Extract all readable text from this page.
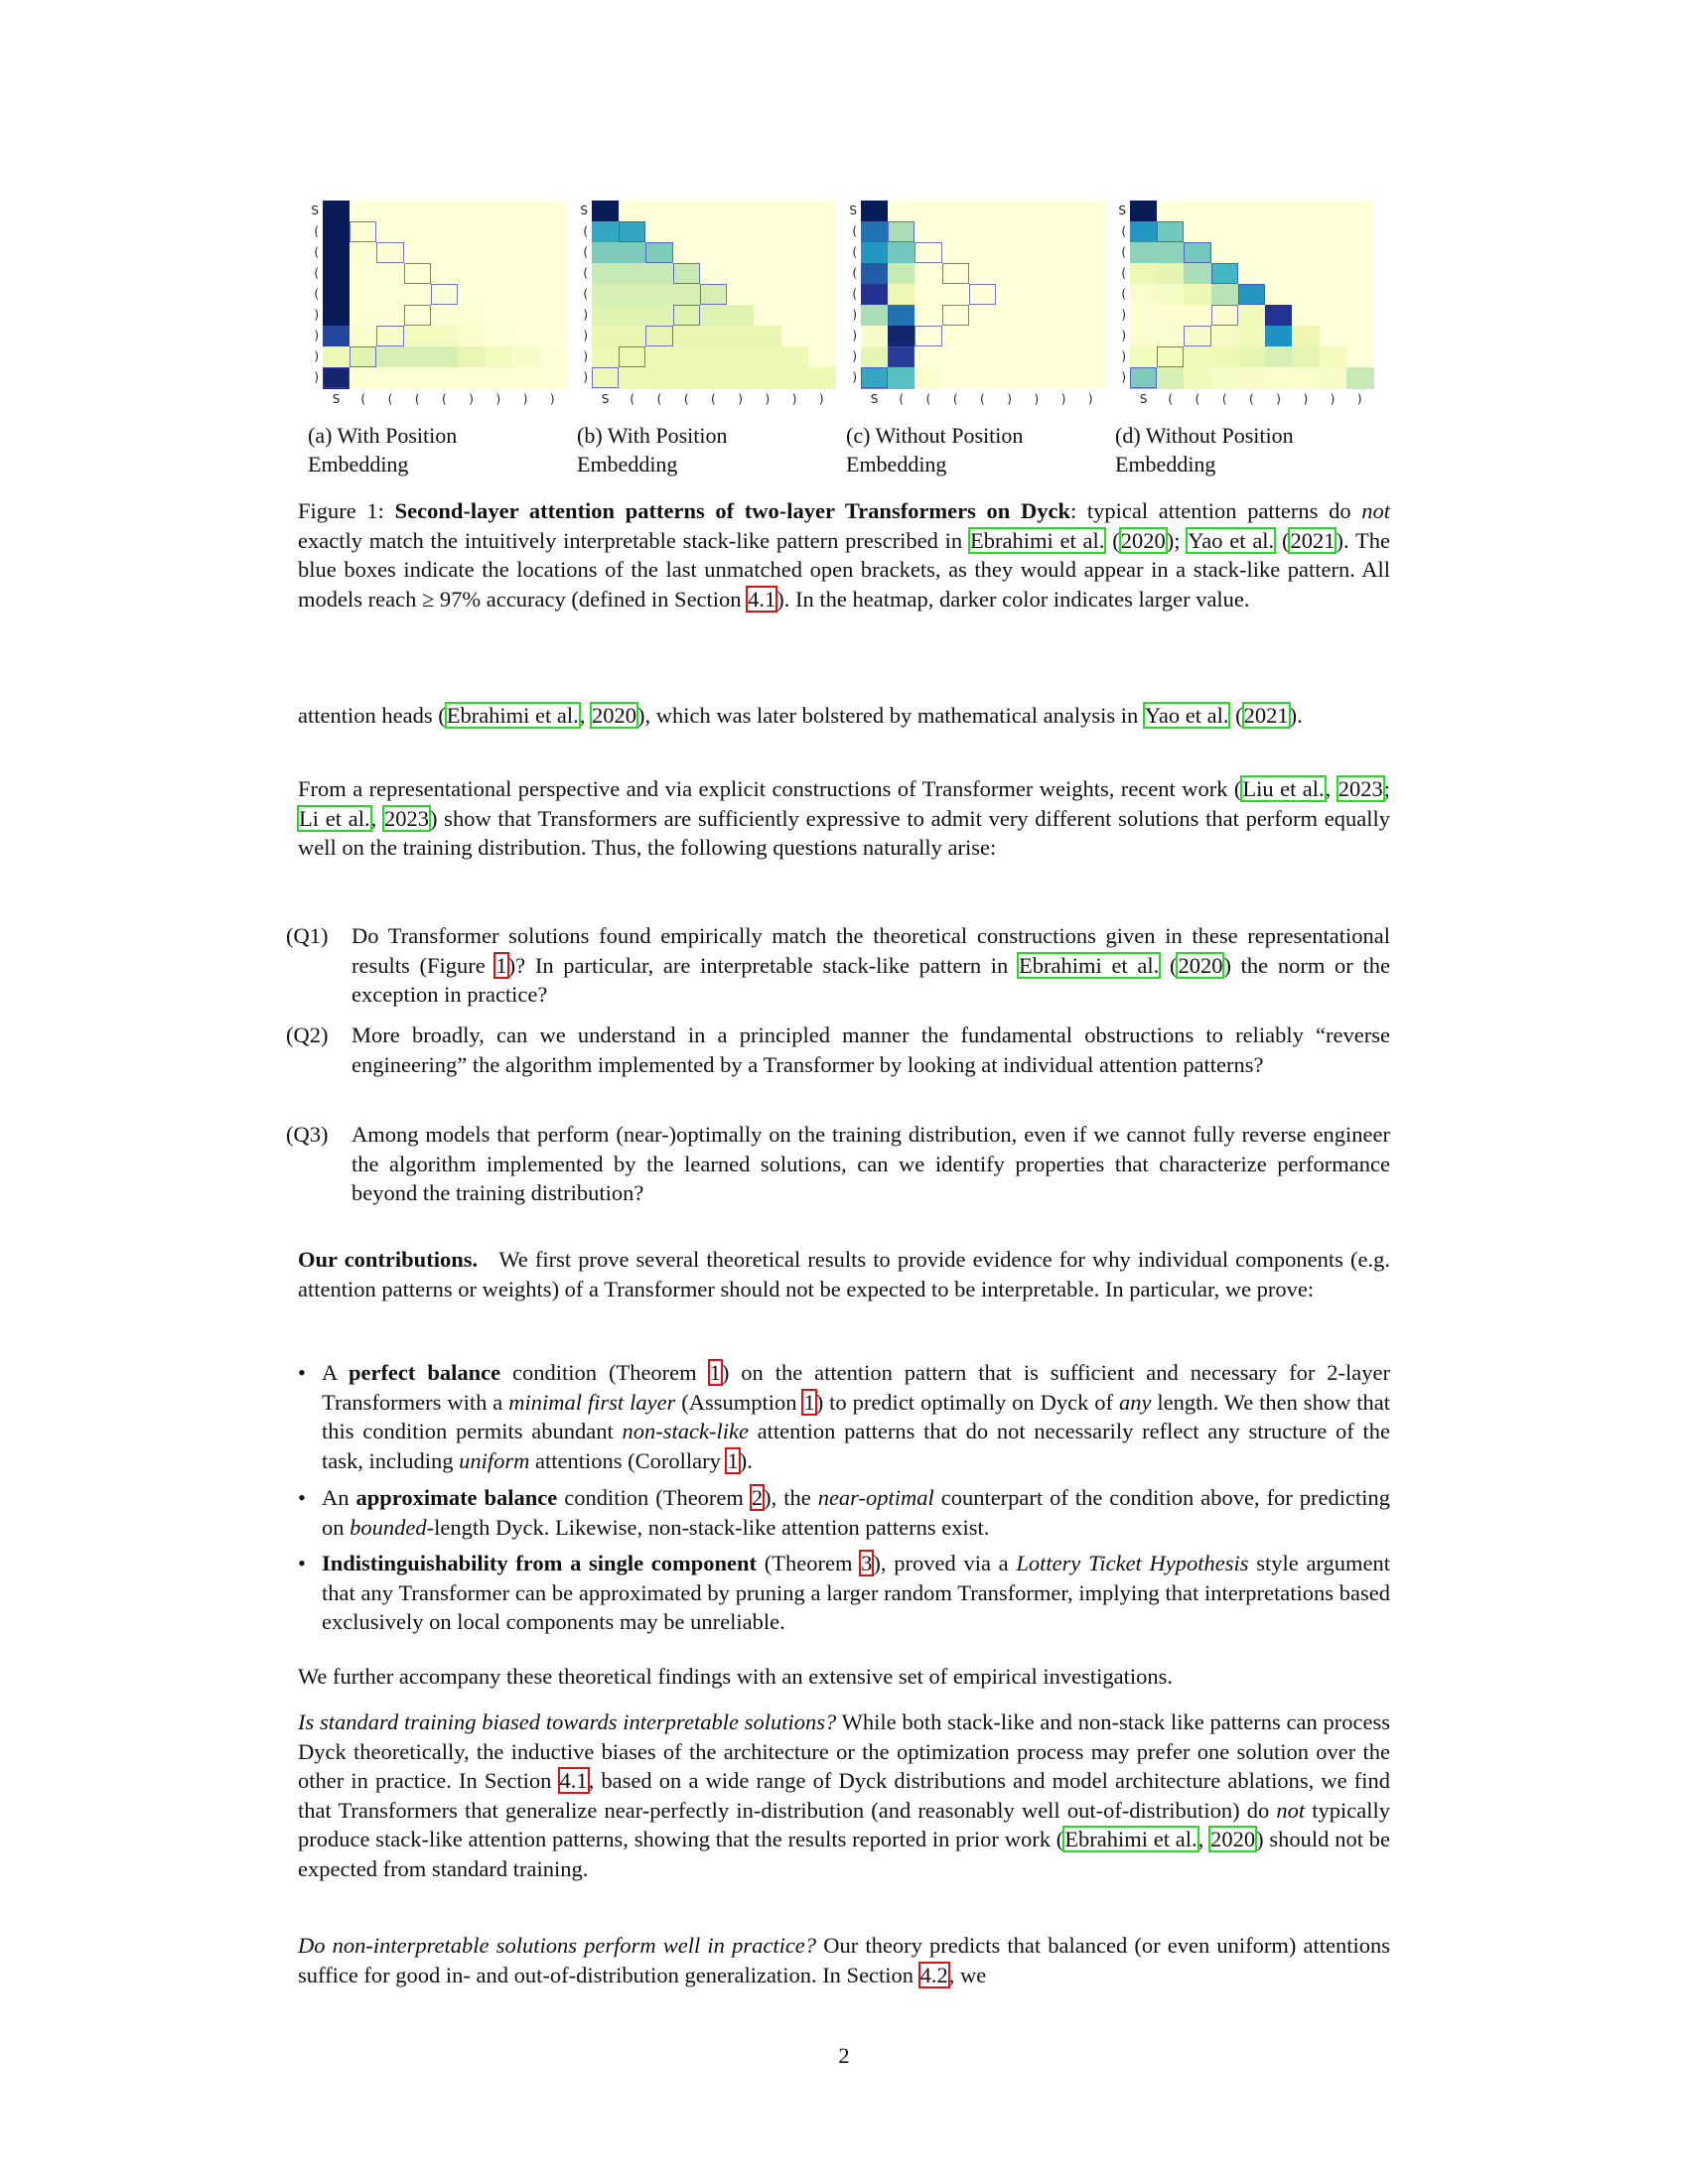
S
(
(
(
(
)
)
)
)
S	(	(	(	(	)	)	)	)
S
(
(
(
(
)
)
)
)
S	(	(	(	(	)	)	)	)
S
(
(
(
(
)
)
)
)
S	(	(	(	(	)	)	)	)
S
(
(
(
(
)
)
)
)
S	(	(	(	(	)	)	)	)
(a) With Position
Embedding
(b) With Position
Embedding
(c) Without Position
Embedding
(d) Without Position
Embedding
Figure 1: Second-layer attention patterns of two-layer Transformers on Dyck: typical attention patterns do not exactly match the intuitively interpretable stack-like pattern prescribed in Ebrahimi et al. (2020); Yao et al. (2021). The blue boxes indicate the locations of the last unmatched open brackets, as they would appear in a stack-like pattern. All models reach ≥ 97% accuracy (defined in Section 4.1). In the heatmap, darker color indicates larger value.

attention heads (Ebrahimi et al., 2020), which was later bolstered by mathematical analysis in Yao et al. (2021).

From a representational perspective and via explicit constructions of Transformer weights, recent work (Liu et al., 2023; Li et al., 2023) show that Transformers are sufficiently expressive to admit very different solutions that perform equally well on the training distribution. Thus, the following questions naturally arise:

(Q1) Do Transformer solutions found empirically match the theoretical constructions given in these representational results (Figure 1)? In particular, are interpretable stack-like pattern in Ebrahimi et al. (2020) the norm or the exception in practice?
(Q2) More broadly, can we understand in a principled manner the fundamental obstructions to reliably “reverse engineering” the algorithm implemented by a Transformer by looking at individual attention patterns?
(Q3) Among models that perform (near-)optimally on the training distribution, even if we cannot fully reverse engineer the algorithm implemented by the learned solutions, can we identify properties that characterize performance beyond the training distribution?

Our contributions. We first prove several theoretical results to provide evidence for why individual components (e.g. attention patterns or weights) of a Transformer should not be expected to be interpretable. In particular, we prove:

• A perfect balance condition (Theorem 1) on the attention pattern that is sufficient and necessary for 2-layer Transformers with a minimal first layer (Assumption 1) to predict optimally on Dyck of any length. We then show that this condition permits abundant non-stack-like attention patterns that do not necessarily reflect any structure of the task, including uniform attentions (Corollary 1).
• An approximate balance condition (Theorem 2), the near-optimal counterpart of the condition above, for predicting on bounded-length Dyck. Likewise, non-stack-like attention patterns exist.
• Indistinguishability from a single component (Theorem 3), proved via a Lottery Ticket Hypothesis style argument that any Transformer can be approximated by pruning a larger random Transformer, implying that interpretations based exclusively on local components may be unreliable.

We further accompany these theoretical findings with an extensive set of empirical investigations.

Is standard training biased towards interpretable solutions? While both stack-like and non-stack like patterns can process Dyck theoretically, the inductive biases of the architecture or the optimization process may prefer one solution over the other in practice. In Section 4.1, based on a wide range of Dyck distributions and model architecture ablations, we find that Transformers that generalize near-perfectly in-distribution (and reasonably well out-of-distribution) do not typically produce stack-like attention patterns, showing that the results reported in prior work (Ebrahimi et al., 2020) should not be expected from standard training.

Do non-interpretable solutions perform well in practice? Our theory predicts that balanced (or even uniform) attentions suffice for good in- and out-of-distribution generalization. In Section 4.2, we

2
